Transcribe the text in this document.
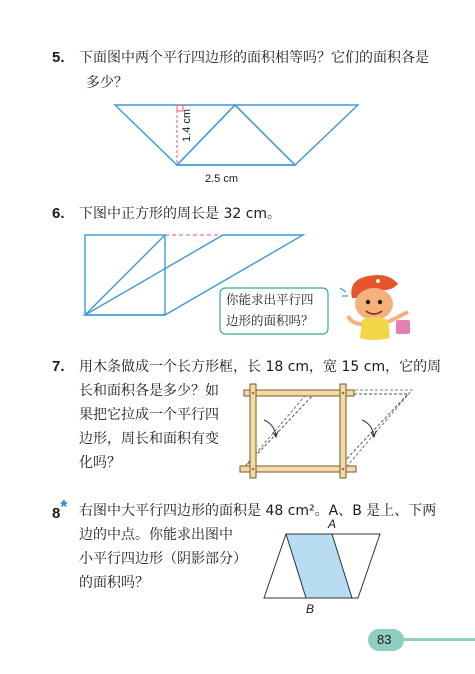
5. 下面图中两个平行四边形的面积相等吗？它们的面积各是
多少？
1.4 cm
2.5 cm
6. 下图中正方形的周长是 32 cm。
你能求出平行四
边形的面积吗？
7. 用木条做成一个长方形框，长 18 cm，宽 15 cm，它的周
长和面积各是多少？如
果把它拉成一个平行四
边形，周长和面积有变
化吗？
8* 右图中大平行四边形的面积是 48 cm²。A、B 是上、下两
边的中点。你能求出图中
小平行四边形（阴影部分）
的面积吗？
A
B
83
